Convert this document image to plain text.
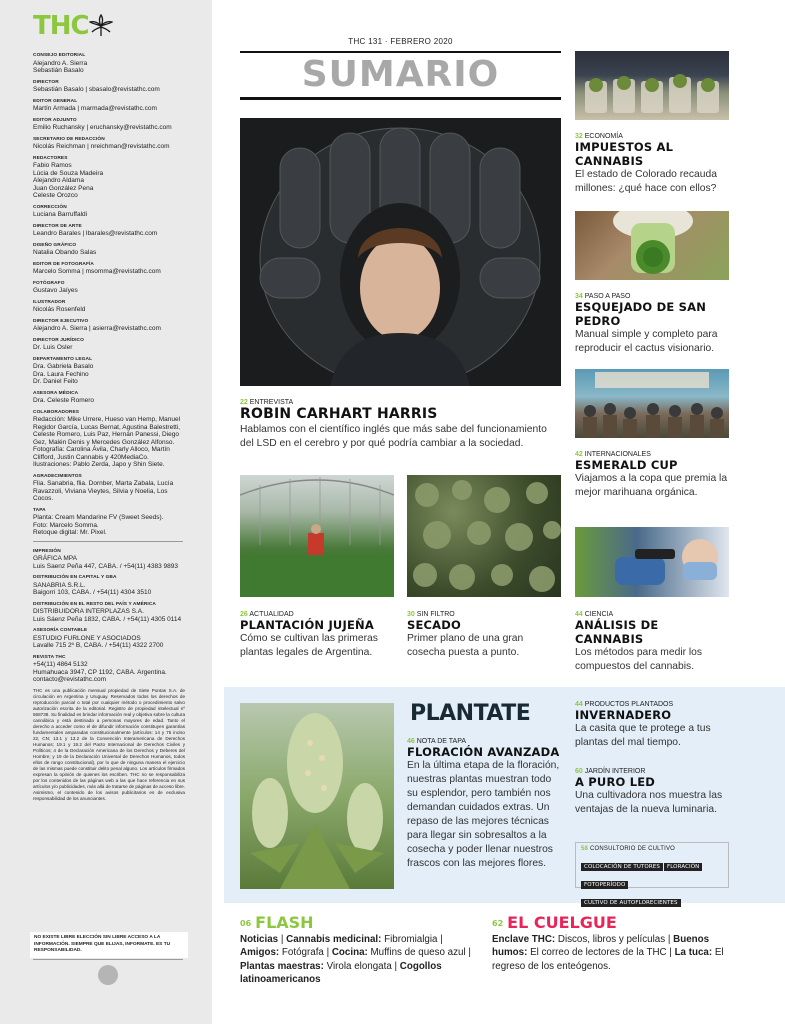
THC
CONSEJO EDITORIAL
Alejandro A. Sierra
Sebastián Basalo
DIRECTOR
Sebastián Basalo | sbasalo@revistathc.com
EDITOR GENERAL
Martín Armada | marmada@revistathc.com
EDITOR ADJUNTO
Emilio Ruchansky | eruchansky@revistathc.com
SECRETARIO DE REDACCIÓN
Nicolás Reichman | nreichman@revistathc.com
REDACTORES
Fabio Ramos
Lúcia de Souza Madeira
Alejandro Aldama
Juan González Pena
Celeste Orozco
CORRECCIÓN
Luciana Barruffaldi
DIRECTOR DE ARTE
Leandro Barales | lbarales@revistathc.com
DISEÑO GRÁFICO
Natalia Obando Salas
EDITOR DE FOTOGRAFÍA
Marcelo Somma | msomma@revistathc.com
FOTÓGRAFO
Gustavo Jaíyes
ILUSTRADOR
Nicolás Rosenfeld
DIRECTOR EJECUTIVO
Alejandro A. Sierra | asierra@revistathc.com
DIRECTOR JURÍDICO
Dr. Luis Osler
DEPARTAMENTO LEGAL
Dra. Gabriela Basalo
Dra. Laura Fechino
Dr. Daniel Feito
ASESORA MÉDICA
Dra. Celeste Romero
COLABORADORES
Redacción: Mike Urrere, Hueso van Hemp, Manuel Regidor García, Lucas Bernat, Agustina Balestretti, Celeste Romero, Luis Paz, Hernán Panessi, Diego Gez, Malén Denis y Mercedes González Alfonso.
Fotografía: Carolina Ávila, Charly Alloco, Martín Clifford, Justin Cannabis y 420MediaCo.
Ilustraciones: Pablo Zerda, Japo y Shin Siete.
AGRADECIMIENTOS
Flia. Sanabria, flia. Dornber, Marta Zabala, Lucía Ravazzoli, Viviana Vieytes, Silvia y Noelia, Los Cocos.
TAPA
Planta: Cream Mandarine FV (Sweet Seeds).
Foto: Marcelo Somma.
Retoque digital: Mr. Pixel.
IMPRESIÓN
GRÁFICA MPA
Luis Saenz Peña 447, CABA. / +54(11) 4383 9893
DISTRIBUCIÓN EN CAPITAL Y GBA
SANABRIA S.R.L.
Baigorri 103, CABA. / +54(11) 4304 3510
DISTRIBUCIÓN EN EL RESTO DEL PAÍS Y AMÉRICA
DISTRIBUIDORA INTERPLAZAS S.A.
Luis Sáenz Peña 1832, CABA. / +54(11) 4305 0114
ASESORÍA CONTABLE
ESTUDIO FURLONE Y ASOCIADOS
Lavalle 715 2º B, CABA. / +54(11) 4322 2700
REVISTA THC
+54(11) 4864 5132
Humahuaca 3947, CP 1192, CABA. Argentina.
contacto@revistathc.com
THC es una publicación mensual propiedad de Siete Puntas S.A. de circulación en Argentina y Uruguay. Reservados todos los derechos de reproducción parcial o total por cualquier método o procedimiento salvo autorización escrita de la editorial. Registro de propiedad intelectual nº 568738. Su finalidad es brindar información real y objetiva sobre la cultura cannábica y está destinada a personas mayores de edad. Tanto el derecho a acceder como el de difundir información constituyen garantías fundamentales amparadas constitucionalmente (artículos: 14 y 75 inciso 22, CN; 13.1 y 13.2 de la Convención Interamericana de Derechos Humanos; 19.1 y 19.2 del Pacto Internacional de Derechos Civiles y Políticos; 4 de la Declaración Americana de los Derechos y Deberes del Hombre; y 19 de la Declaración Universal de Derechos Humanos, todos ellos de rango constitucional), por lo que de ninguna manera el ejercicio de las mismas puede constituir delito penal alguno. Los artículos firmados expresan la opinión de quienes los escriben. THC no se responsabiliza por los contenidos de las páginas web a las que hace referencia en sus artículos y/o publicidades, más allá de tratarse de páginas de acceso libre. Asimismo, el contenido de los avisos publicitarios es de exclusiva responsabilidad de los anunciantes.
NO EXISTE LIBRE ELECCIÓN SIN LIBRE ACCESO A LA INFORMACIÓN. SIEMPRE QUE ELIJAS, INFORMATE. ES TU RESPONSABILIDAD.
THC 131 · FEBRERO 2020
SUMARIO
32 ECONOMÍA
IMPUESTOS AL CANNABIS
El estado de Colorado recauda millones: ¿qué hace con ellos?
34 PASO A PASO
ESQUEJADO DE SAN PEDRO
Manual simple y completo para reproducir el cactus visionario.
42 INTERNACIONALES
ESMERALD CUP
Viajamos a la copa que premia la mejor marihuana orgánica.
22 ENTREVISTA
ROBIN CARHART HARRIS
Hablamos con el científico inglés que más sabe del funcionamiento del LSD en el cerebro y por qué podría cambiar a la sociedad.
26 ACTUALIDAD
PLANTACIÓN JUJEÑA
Cómo se cultivan las primeras plantas legales de Argentina.
30 SIN FILTRO
SECADO
Primer plano de una gran cosecha puesta a punto.
44 CIENCIA
ANÁLISIS DE CANNABIS
Los métodos para medir los compuestos del cannabis.
PLANTATE
46 NOTA DE TAPA
FLORACIÓN AVANZADA
En la última etapa de la floración, nuestras plantas muestran todo su esplendor, pero también nos demandan cuidados extras. Un repaso de las mejores técnicas para llegar sin sobresaltos a la cosecha y poder llenar nuestros frascos con las mejores flores.
44 PRODUCTOS PLANTADOS
INVERNADERO
La casita que te protege a tus plantas del mal tiempo.
60 JARDÍN INTERIOR
A PURO LED
Una cultivadora nos muestra las ventajas de la nueva luminaria.
58 CONSULTORIO DE CULTIVO
COLOCACIÓN DE TUTORES FLORACIÓNFOTOPERÍODOCULTIVO DE AUTOFLORECIENTES
06 FLASH
Noticias | Cannabis medicinal: Fibromialgia | Amigos: Fotógrafa | Cocina: Muffins de queso azul | Plantas maestras: Virola elongata | Cogollos latinoamericanos
62 EL CUELGUE
Enclave THC: Discos, libros y películas | Buenos humos: El correo de lectores de la THC | La tuca: El regreso de los enteógenos.
